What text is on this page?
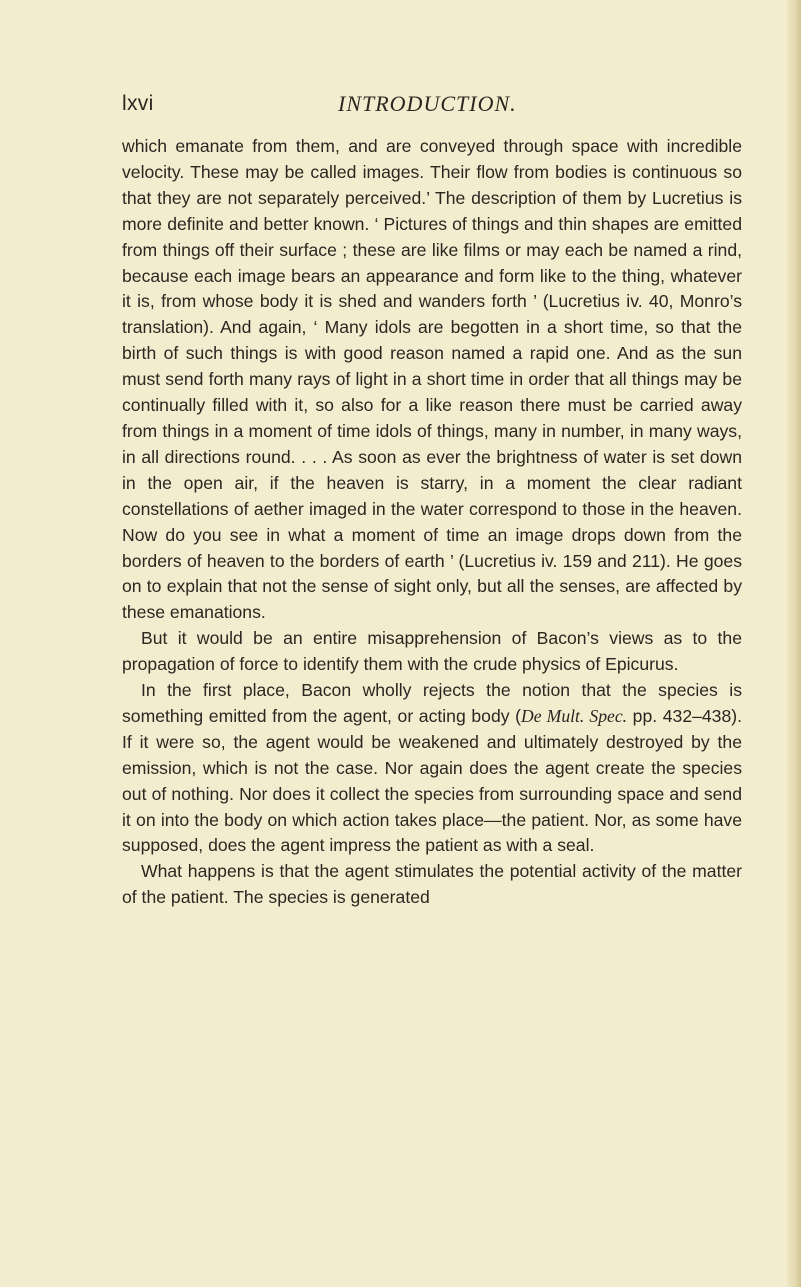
lxvi	INTRODUCTION.

which emanate from them, and are conveyed through space with incredible velocity. These may be called images. Their flow from bodies is continuous so that they are not separately perceived.’ The description of them by Lucretius is more definite and better known. ‘ Pictures of things and thin shapes are emitted from things off their surface ; these are like films or may each be named a rind, because each image bears an appearance and form like to the thing, whatever it is, from whose body it is shed and wanders forth ’ (Lucretius iv. 40, Monro’s translation). And again, ‘ Many idols are begotten in a short time, so that the birth of such things is with good reason named a rapid one. And as the sun must send forth many rays of light in a short time in order that all things may be continually filled with it, so also for a like reason there must be carried away from things in a moment of time idols of things, many in number, in many ways, in all directions round. . . . As soon as ever the brightness of water is set down in the open air, if the heaven is starry, in a moment the clear radiant constellations of aether imaged in the water correspond to those in the heaven. Now do you see in what a moment of time an image drops down from the borders of heaven to the borders of earth ’ (Lucretius iv. 159 and 211). He goes on to explain that not the sense of sight only, but all the senses, are affected by these emanations.

But it would be an entire misapprehension of Bacon’s views as to the propagation of force to identify them with the crude physics of Epicurus.

In the first place, Bacon wholly rejects the notion that the species is something emitted from the agent, or acting body (De Mult. Spec. pp. 432–438). If it were so, the agent would be weakened and ultimately destroyed by the emission, which is not the case. Nor again does the agent create the species out of nothing. Nor does it collect the species from surrounding space and send it on into the body on which action takes place—the patient. Nor, as some have supposed, does the agent impress the patient as with a seal.

What happens is that the agent stimulates the potential activity of the matter of the patient. The species is generated
